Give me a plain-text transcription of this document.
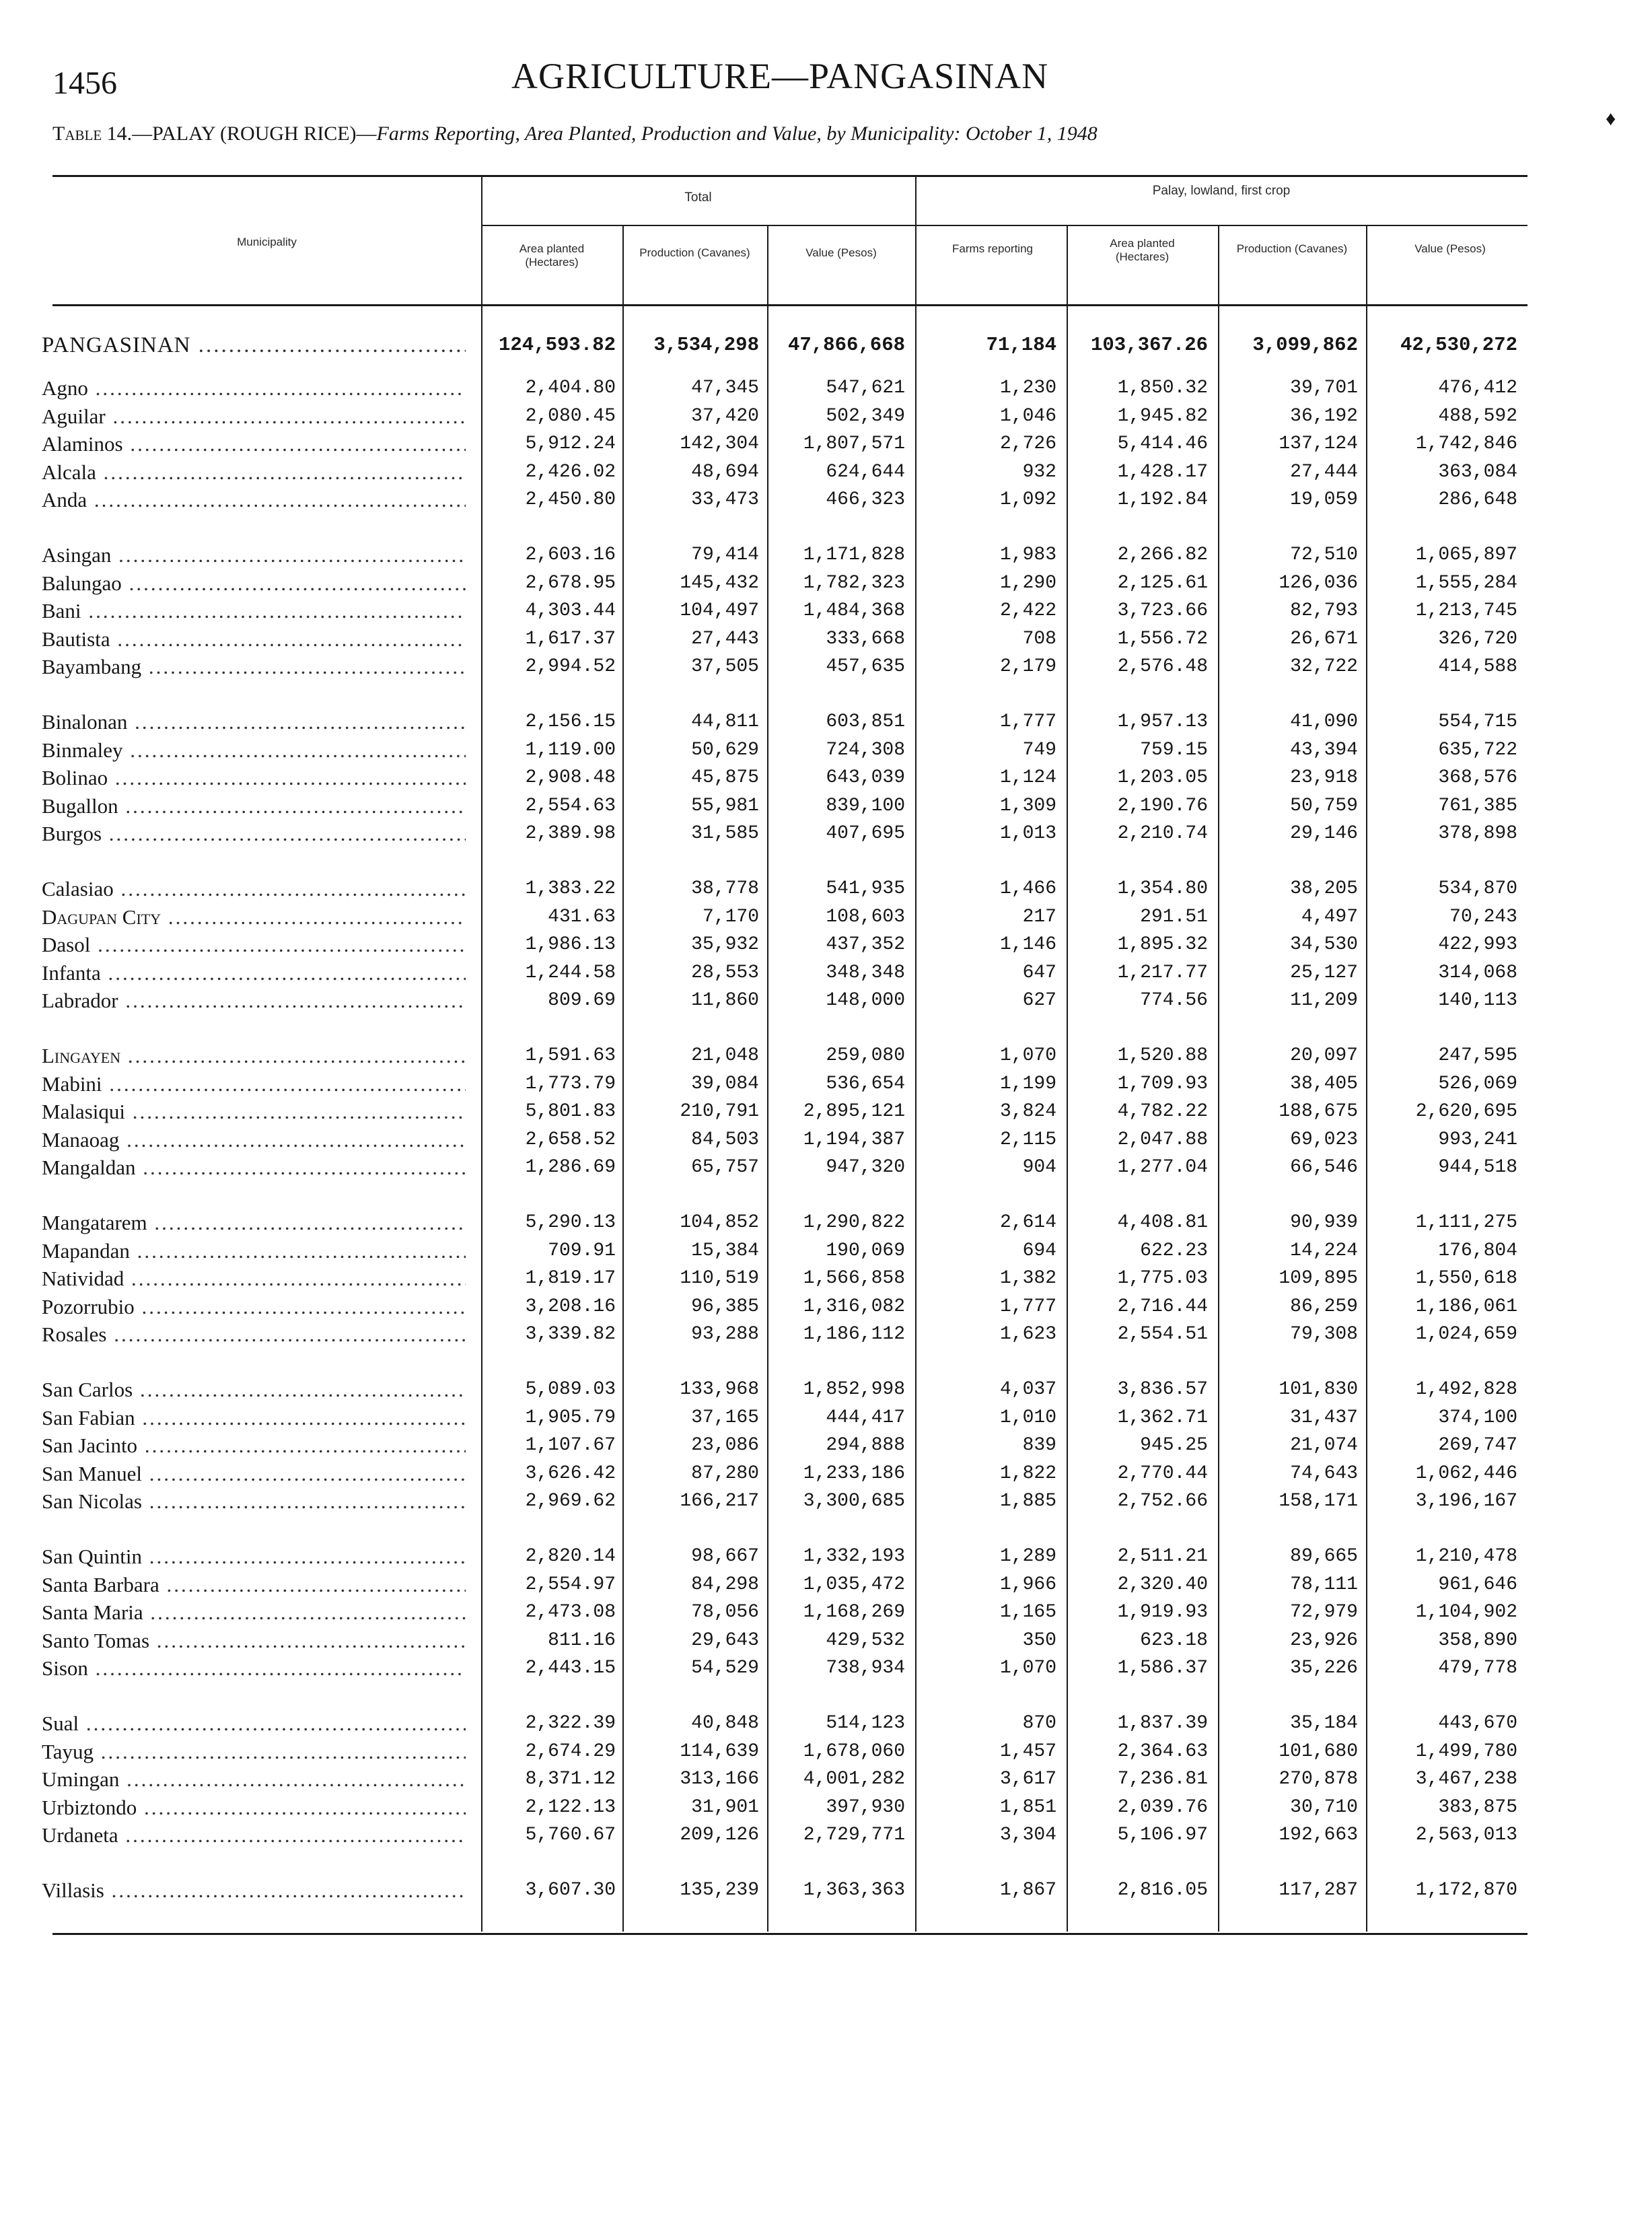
1456	AGRICULTURE—PANGASINAN
Table 14.—PALAY (ROUGH RICE)—Farms Reporting, Area Planted, Production and Value, by Municipality: October 1, 1948
♦
Municipality
Total	Palay, lowland, first crop
Area planted (Hectares)
Production (Cavanes)	Value (Pesos)	Farms reporting	Area planted (Hectares)
Production (Cavanes)	Value (Pesos)
PANGASINAN .....	124,593.82 3,534,298 47,866,668	71,184 103,367.26 3,099,862 42,530,272
Agno .....	2,404.80	47,345	547,621	1,230	1,850.32	39,701	476,412
Aguilar .....	2,080.45	37,420	502,349	1,046	1,945.82	36,192	488,592
Alaminos .....	5,912.24	142,304 1,807,571	2,726	5,414.46	137,124	1,742,846
Alcala .....	2,426.02	48,694	624,644	932	1,428.17	27,444	363,084
Anda .....	2,450.80	33,473	466,323	1,092	1,192.84	19,059	286,648
Asingan .....	2,603.16	79,414 1,171,828	1,983	2,266.82	72,510	1,065,897
Balungao .....	2,678.95	145,432 1,782,323	1,290	2,125.61	126,036	1,555,284
Bani .....	4,303.44	104,497 1,484,368	2,422	3,723.66	82,793	1,213,745
Bautista .....	1,617.37	27,443	333,668	708	1,556.72	26,671	326,720
Bayambang .....	2,994.52	37,505	457,635	2,179	2,576.48	32,722	414,588
Binalonan .....	2,156.15	44,811	603,851	1,777	1,957.13	41,090	554,715
Binmaley .....	1,119.00	50,629	724,308	749	759.15	43,394	635,722
Bolinao .....	2,908.48	45,875	643,039	1,124	1,203.05	23,918	368,576
Bugallon .....	2,554.63	55,981	839,100	1,309	2,190.76	50,759	761,385
Burgos .....	2,389.98	31,585	407,695	1,013	2,210.74	29,146	378,898
Calasiao .....	1,383.22	38,778	541,935	1,466	1,354.80	38,205	534,870
Dagupan City .....	431.63	7,170	108,603	217	291.51	4,497	70,243
Dasol .....	1,986.13	35,932	437,352	1,146	1,895.32	34,530	422,993
Infanta .....	1,244.58	28,553	348,348	647	1,217.77	25,127	314,068
Labrador .....	809.69	11,860	148,000	627	774.56	11,209	140,113
Lingayen .....	1,591.63	21,048	259,080	1,070	1,520.88	20,097	247,595
Mabini .....	1,773.79	39,084	536,654	1,199	1,709.93	38,405	526,069
Malasiqui .....	5,801.83	210,791 2,895,121	3,824	4,782.22	188,675	2,620,695
Manaoag .....	2,658.52	84,503 1,194,387	2,115	2,047.88	69,023	993,241
Mangaldan .....	1,286.69	65,757	947,320	904	1,277.04	66,546	944,518
Mangatarem .....	5,290.13	104,852 1,290,822	2,614	4,408.81	90,939	1,111,275
Mapandan .....	709.91	15,384	190,069	694	622.23	14,224	176,804
Natividad .....	1,819.17	110,519 1,566,858	1,382	1,775.03	109,895	1,550,618
Pozorrubio .....	3,208.16	96,385 1,316,082	1,777	2,716.44	86,259	1,186,061
Rosales .....	3,339.82	93,288 1,186,112	1,623	2,554.51	79,308	1,024,659
San Carlos .....	5,089.03	133,968 1,852,998	4,037	3,836.57	101,830	1,492,828
San Fabian .....	1,905.79	37,165	444,417	1,010	1,362.71	31,437	374,100
San Jacinto .....	1,107.67	23,086	294,888	839	945.25	21,074	269,747
San Manuel .....	3,626.42	87,280 1,233,186	1,822	2,770.44	74,643	1,062,446
San Nicolas .....	2,969.62	166,217 3,300,685	1,885	2,752.66	158,171	3,196,167
San Quintin .....	2,820.14	98,667 1,332,193	1,289	2,511.21	89,665	1,210,478
Santa Barbara .....	2,554.97	84,298 1,035,472	1,966	2,320.40	78,111	961,646
Santa Maria .....	2,473.08	78,056 1,168,269	1,165	1,919.93	72,979	1,104,902
Santo Tomas .....	811.16	29,643	429,532	350	623.18	23,926	358,890
Sison .....	2,443.15	54,529	738,934	1,070	1,586.37	35,226	479,778
Sual .....	2,322.39	40,848	514,123	870	1,837.39	35,184	443,670
Tayug .....	2,674.29	114,639 1,678,060	1,457	2,364.63	101,680	1,499,780
Umingan .....	8,371.12	313,166 4,001,282	3,617	7,236.81	270,878	3,467,238
Urbiztondo .....	2,122.13	31,901	397,930	1,851	2,039.76	30,710	383,875
Urdaneta .....	5,760.67	209,126 2,729,771	3,304	5,106.97	192,663	2,563,013
Villasis .....	3,607.30	135,239 1,363,363	1,867	2,816.05	117,287	1,172,870
